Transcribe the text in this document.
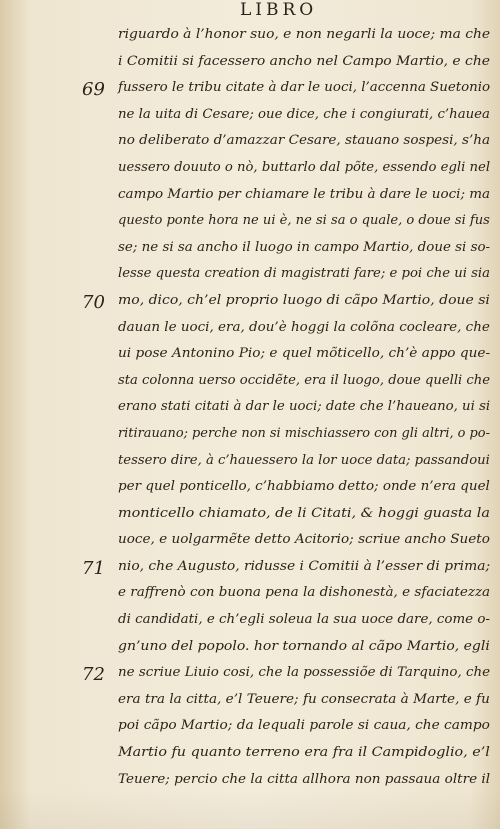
LIBRO
riguardo à l’honor suo, e non negarli la uoce; ma che
i Comitii si facessero ancho nel Campo Martio, e che
fussero le tribu citate à dar le uoci, l’accenna Suetonio
69
ne la uita di Cesare; oue dice, che i congiurati, c’haueа
no deliberato d’amazzar Cesare, stauano sospesi, s’ha
uessero douuto o nò, buttarlo dal põte, essendo egli nel
campo Martio per chiamare le tribu à dare le uoci; ma
questo ponte hora ne ui è, ne si sa o quale, o doue si fus
se; ne si sa ancho il luogo in campo Martio, doue si so-
lesse questa creation di magistrati fare; e poi che ui sia
mo, dico, ch’el proprio luogo di cãpo Martio, doue si
70
dauan le uoci, era, dou’è hoggi la colõna cocleare, che
ui pose Antonino Pio; e quel mõticello, ch’è appo que-
sta colonna uerso occidẽte, era il luogo, doue quelli che
erano stati citati à dar le uoci; date che l’haueano, ui si
ritirauano; perche non si mischiassero con gli altri, o po-
tessero dire, à c’hauessero la lor uoce data; passandoui
per quel ponticello, c’habbiamo detto; onde n’era quel
monticello chiamato, de li Citati, & hoggi guasta la
uoce, e uolgarmẽte detto Acitorio; scriue ancho Sueto
nio, che Augusto, ridusse i Comitii à l’esser di prima;
71
e raffrenò con buona pena la dishonestà, e sfaciatezza
di candidati, e ch’egli soleua la sua uoce dare, come o-
gn’uno del popolo. hor tornando al cãpo Martio, egli
ne scriue Liuio cosi, che la possessiõe di Tarquino, che
72
era tra la citta, e’l Teuere; fu consecrata à Marte, e fu
poi cãpo Martio; da lequali parole si caua, che campo
Martio fu quanto terreno era fra il Campidoglio, e’l
Teuere; percio che la citta allhora non passaua oltre il
